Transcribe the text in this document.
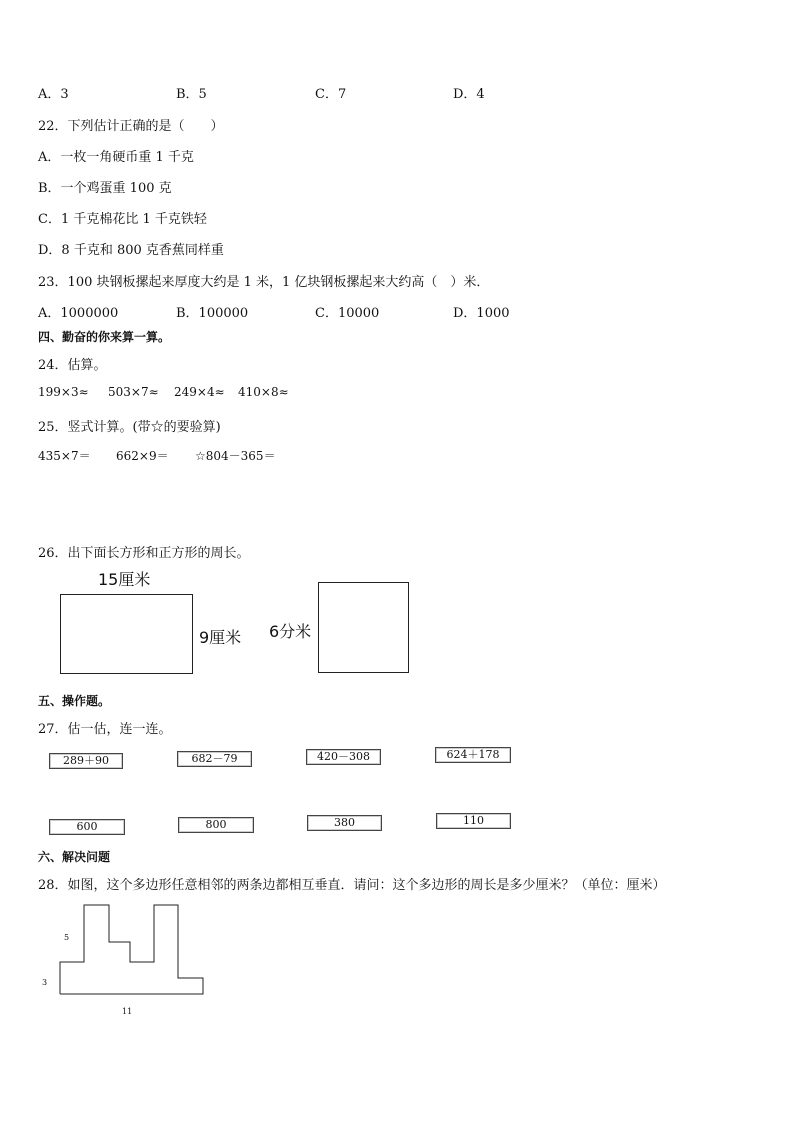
A．3	B．5	C．7	D．4
22．下列估计正确的是（　　）
A．一枚一角硬币重 1 千克
B．一个鸡蛋重 100 克
C．1 千克棉花比 1 千克铁轻
D．8 千克和 800 克香蕉同样重
23．100 块钢板摞起来厚度大约是 1 米，1 亿块钢板摞起来大约高（　）米．
A．1000000	B．100000	C．10000	D．1000
四、勤奋的你来算一算。
24．估算。
199×3≈ 503×7≈ 249×4≈ 410×8≈
25．竖式计算。(带☆的要验算)
435×7＝ 662×9＝ ☆804－365＝
26．出下面长方形和正方形的周长。
15厘米
9厘米 6分米
五、操作题。
27．估一估，连一连。
289＋90	682－79	420－308	624＋178
600	800	380	110
六、解决问题
28．如图，这个多边形任意相邻的两条边都相互垂直．请问：这个多边形的周长是多少厘米？（单位：厘米）
5
3
11
